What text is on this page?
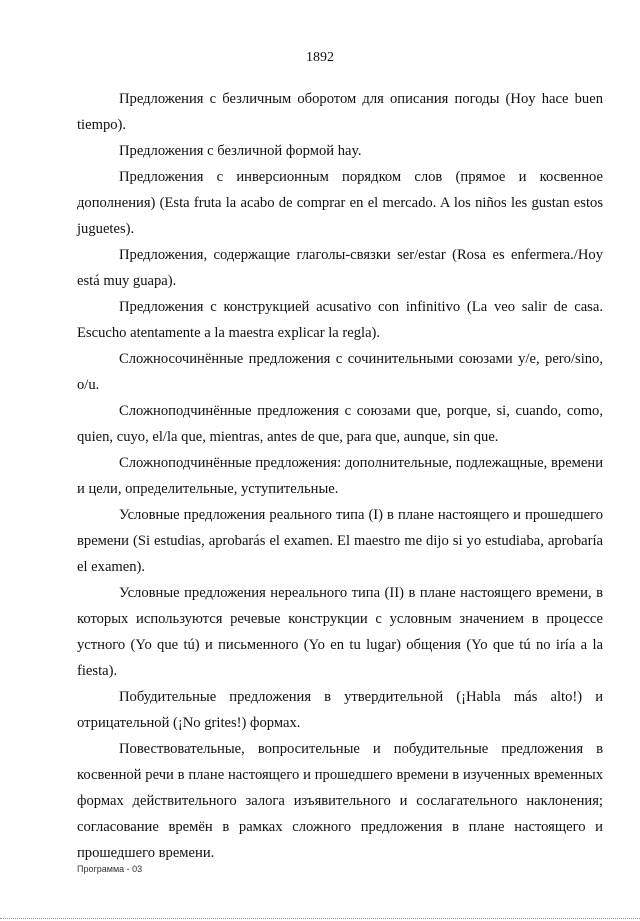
1892

Предложения с безличным оборотом для описания погоды (Hoy hace buen tiempo).

Предложения с безличной формой hay.

Предложения с инверсионным порядком слов (прямое и косвенное дополнения) (Esta fruta la acabo de comprar en el mercado. A los niños les gustan estos juguetes).

Предложения, содержащие глаголы-связки ser/estar (Rosa es enfermera./Hoy está muy guapa).

Предложения с конструкцией acusativo con infinitivo (La veo salir de casa. Escucho atentamente a la maestra explicar la regla).

Сложносочинённые предложения с сочинительными союзами y/e, pero/sino, o/u.

Сложноподчинённые предложения с союзами que, porque, si, cuando, como, quien, cuyo, el/la que, mientras, antes de que, para que, aunque, sin que.

Сложноподчинённые предложения: дополнительные, подлежащные, времени и цели, определительные, уступительные.

Условные предложения реального типа (I) в плане настоящего и прошедшего времени (Si estudias, aprobarás el examen. El maestro me dijo si yo estudiaba, aprobaría el examen).

Условные предложения нереального типа (II) в плане настоящего времени, в которых используются речевые конструкции с условным значением в процессе устного (Yo que tú) и письменного (Yo en tu lugar) общения (Yo que tú no iría a la fiesta).

Побудительные предложения в утвердительной (¡Habla más alto!) и отрицательной (¡No grites!) формах.

Повествовательные, вопросительные и побудительные предложения в косвенной речи в плане настоящего и прошедшего времени в изученных временных формах действительного залога изъявительного и сослагательного наклонения; согласование времён в рамках сложного предложения в плане настоящего и прошедшего времени.

Программа - 03
